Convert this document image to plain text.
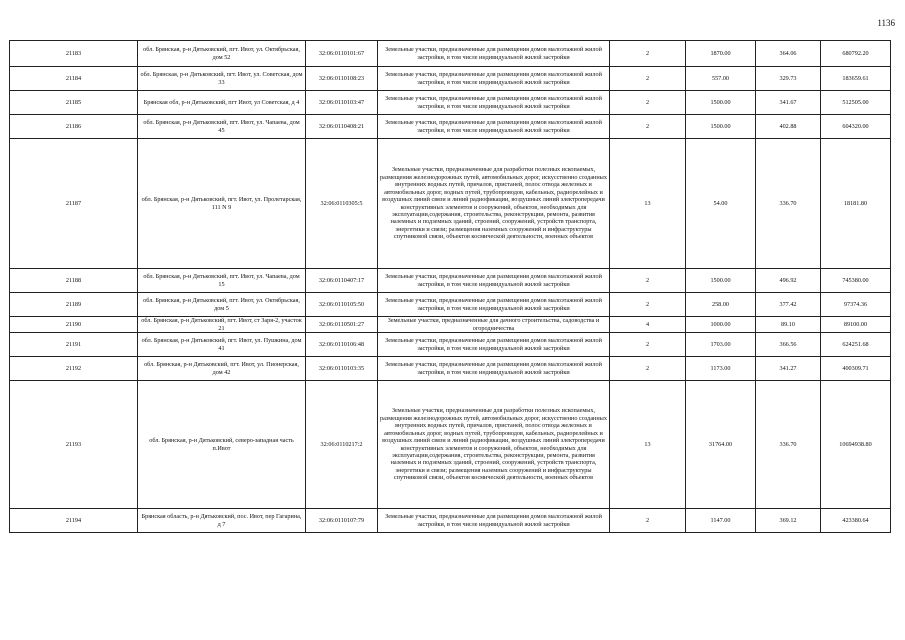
1136
21183	обл. Брянская, р-н Дятьковский, пгт. Ивот, ул. Октябрьская, дом 52	32:06:0110101:67	Земельные участки, предназначенные для размещения домов малоэтажной жилой застройки, в том числе индивидуальной жилой застройки	2	1870.00	364.06	680792.20
21184	обл. Брянская, р-н Дятьковский, пгт. Ивот, ул. Советская, дом 33	32:06:0110108:23	Земельные участки, предназначенные для размещения домов малоэтажной жилой застройки, в том числе индивидуальной жилой застройки	2	557.00	329.73	183659.61
21185	Брянская обл, р-н Дятьковский, пгт Ивот, ул Советская, д 4	32:06:0110103:47	Земельные участки, предназначенные для размещения домов малоэтажной жилой застройки, в том числе индивидуальной жилой застройки	2	1500.00	341.67	512505.00
21186	обл. Брянская, р-н Дятьковский, пгт. Ивот, ул. Чапаева, дом 45	32:06:0110408:21	Земельные участки, предназначенные для размещения домов малоэтажной жилой застройки, в том числе индивидуальной жилой застройки	2	1500.00	402.88	604320.00
21187	обл. Брянская, р-н Дятьковский, пгт. Ивот, ул. Пролетарская, 111 N 9	32:06:0110305:5	Земельные участки, предназначенные для разработки полезных ископаемых, размещения железнодорожных путей, автомобильных дорог, искусственно созданных внутренних водных путей, причалов, пристаней, полос отвода железных и автомобильных дорог, водных путей, трубопроводов, кабельных, радиорелейных и воздушных линий связи и линий радиофикации, воздушных линий электропередачи конструктивных элементов и сооружений, объектов, необходимых для эксплуатации,содержания, строительства, реконструкции, ремонта, развития наземных и подземных зданий, строений, сооружений, устройств транспорта, энергетики и связи; размещения наземных сооружений и инфраструктуры спутниковой связи, объектов космической деятельности, военных объектов	13	54.00	336.70	18181.80
21188	обл. Брянская, р-н Дятьковский, пгт. Ивот, ул. Чапаева, дом 15	32:06:0110407:17	Земельные участки, предназначенные для размещения домов малоэтажной жилой застройки, в том числе индивидуальной жилой застройки	2	1500.00	496.92	745380.00
21189	обл. Брянская, р-н Дятьковский, пгт. Ивот, ул. Октябрьская, дом 5	32:06:0110105:50	Земельные участки, предназначенные для размещения домов малоэтажной жилой застройки, в том числе индивидуальной жилой застройки	2	258.00	377.42	97374.36
21190	обл. Брянская, р-н Дятьковский, пгт. Ивот, ст Заря-2, участок 21	32:06:0110501:27	Земельные участки, предназначенные для дачного строительства, садоводства и огородничества	4	1000.00	89.10	89100.00
21191	обл. Брянская, р-н Дятьковский, пгт. Ивот, ул. Пушкина, дом 41	32:06:0110106:48	Земельные участки, предназначенные для размещения домов малоэтажной жилой застройки, в том числе индивидуальной жилой застройки	2	1703.00	366.56	624251.68
21192	обл. Брянская, р-н Дятьковский, пгт. Ивот, ул. Пионерская, дом 42	32:06:0110103:35	Земельные участки, предназначенные для размещения домов малоэтажной жилой застройки, в том числе индивидуальной жилой застройки	2	1173.00	341.27	400309.71
21193	обл. Брянская, р-н Дятьковский, северо-западная часть п.Ивот	32:06:0110217:2	Земельные участки, предназначенные для разработки полезных ископаемых, размещения железнодорожных путей, автомобильных дорог, искусственно созданных внутренних водных путей, причалов, пристаней, полос отвода железных и автомобильных дорог, водных путей, трубопроводов, кабельных, радиорелейных и воздушных линий связи и линий радиофикации, воздушных линий электропередачи конструктивных элементов и сооружений, объектов, необходимых для эксплуатации,содержания, строительства, реконструкции, ремонта, развития наземных и подземных зданий, строений, сооружений, устройств транспорта, энергетики и связи; размещения наземных сооружений и инфраструктуры спутниковой связи, объектов космической деятельности, военных объектов	13	31764.00	336.70	10694938.80
21194	Брянская область, р-н Дятьковский, пос. Ивот, пер Гагарина, д 7	32:06:0110107:79	Земельные участки, предназначенные для размещения домов малоэтажной жилой застройки, в том числе индивидуальной жилой застройки	2	1147.00	369.12	423380.64
